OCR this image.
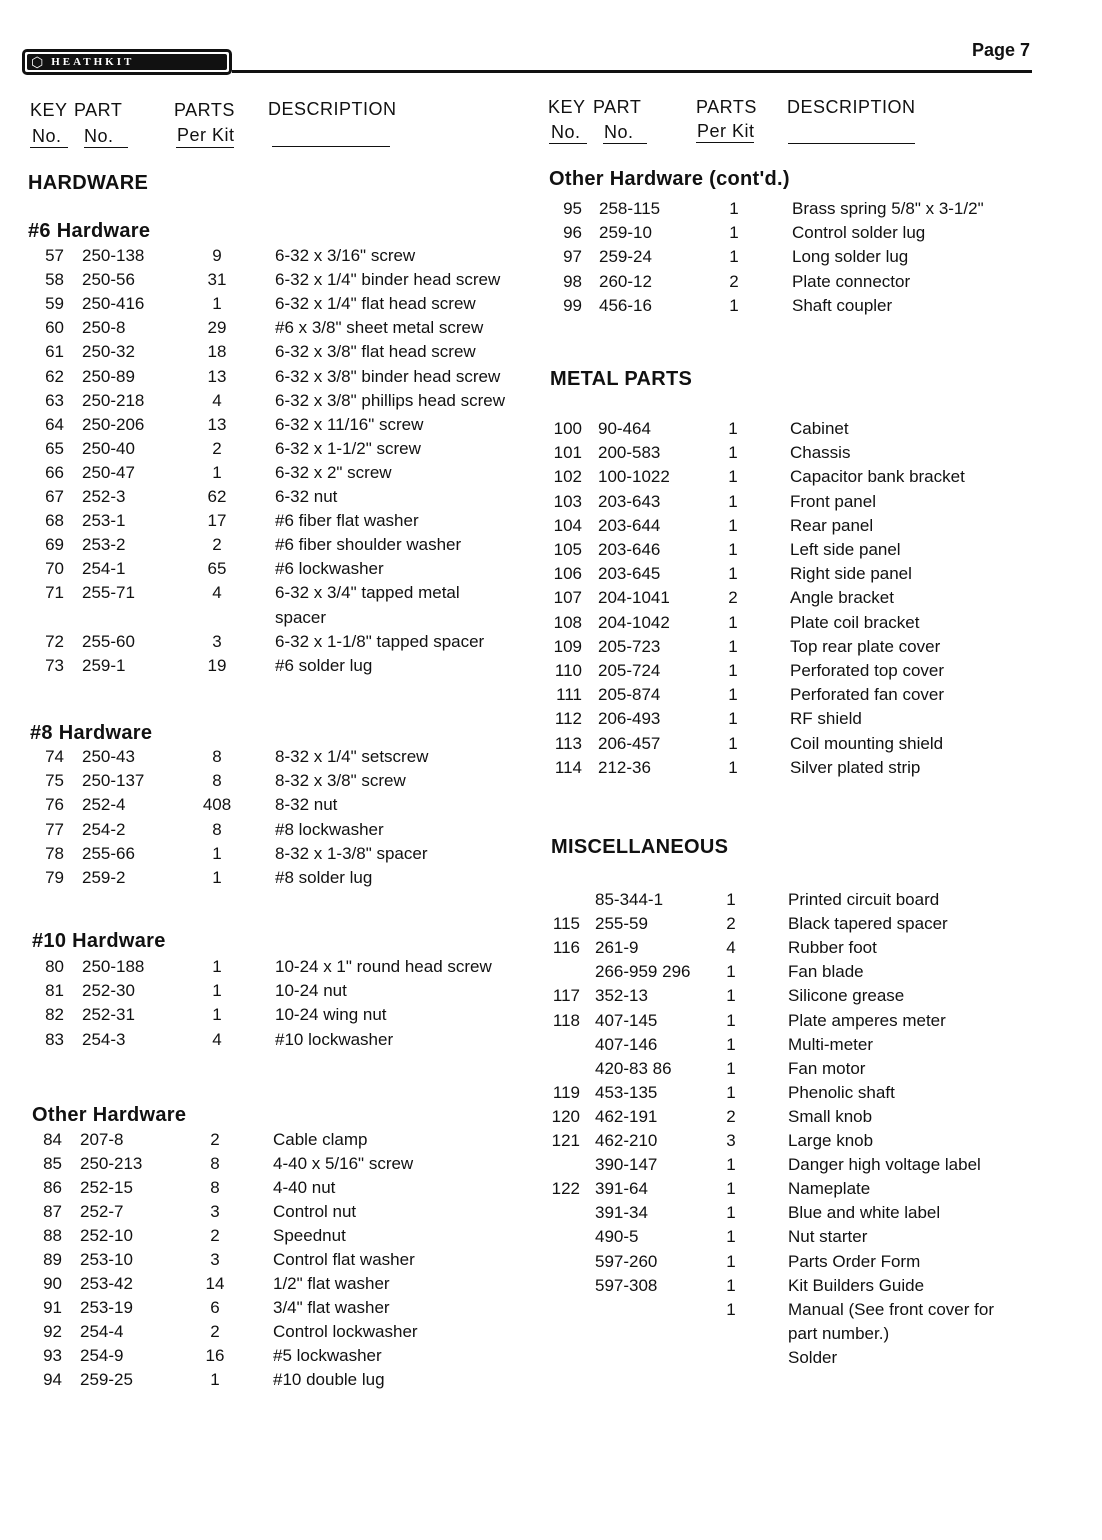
⬡ HEATHKIT
Page 7
KEY PART	PARTS DESCRIPTION
No. No.	Per Kit
KEY PART	PARTS DESCRIPTION
No. No.	Per Kit
HARDWARE
#6 Hardware
#8 Hardware
#10 Hardware
Other Hardware
Other Hardware (cont'd.)
METAL PARTS
MISCELLANEOUS
57 250-138	9	6-32 x 3/16" screw
58 250-56	31	6-32 x 1/4" binder head screw
59 250-416	1	6-32 x 1/4" flat head screw
60 250-8	29	#6 x 3/8" sheet metal screw
61 250-32	18	6-32 x 3/8" flat head screw
62 250-89	13	6-32 x 3/8" binder head screw
63 250-218	4	6-32 x 3/8" phillips head screw
64 250-206	13	6-32 x 11/16" screw
65 250-40	2	6-32 x 1-1/2" screw
66 250-47	1	6-32 x 2" screw
67 252-3	62	6-32 nut
68 253-1	17	#6 fiber flat washer
69 253-2	2	#6 fiber shoulder washer
70 254-1	65	#6 lockwasher
71 255-71	4	6-32 x 3/4" tapped metal
spacer
72 255-60	3	6-32 x 1-1/8" tapped spacer
73 259-1	19	#6 solder lug
74 250-43	8	8-32 x 1/4" setscrew
75 250-137	8	8-32 x 3/8" screw
76 252-4	408	8-32 nut
77 254-2	8	#8 lockwasher
78 255-66	1	8-32 x 1-3/8" spacer
79 259-2	1	#8 solder lug
80 250-188	1	10-24 x 1" round head screw
81 252-30	1	10-24 nut
82 252-31	1	10-24 wing nut
83 254-3	4	#10 lockwasher
84 207-8	2	Cable clamp
85 250-213	8	4-40 x 5/16" screw
86 252-15	8	4-40 nut
87 252-7	3	Control nut
88 252-10	2	Speednut
89 253-10	3	Control flat washer
90 253-42	14	1/2" flat washer
91 253-19	6	3/4" flat washer
92 254-4	2	Control lockwasher
93 254-9	16	#5 lockwasher
94 259-25	1	#10 double lug
95 258-115	1	Brass spring 5/8" x 3-1/2"
96 259-10	1	Control solder lug
97 259-24	1	Long solder lug
98 260-12	2	Plate connector
99 456-16	1	Shaft coupler
100 90-464	1	Cabinet
101 200-583	1	Chassis
102 100-1022	1	Capacitor bank bracket
103 203-643	1	Front panel
104 203-644	1	Rear panel
105 203-646	1	Left side panel
106 203-645	1	Right side panel
107 204-1041	2	Angle bracket
108 204-1042	1	Plate coil bracket
109 205-723	1	Top rear plate cover
110 205-724	1	Perforated top cover
111 205-874	1	Perforated fan cover
112 206-493	1	RF shield
113 206-457	1	Coil mounting shield
114 212-36	1	Silver plated strip
85-344-1	1	Printed circuit board
115 255-59	2	Black tapered spacer
116 261-9	4	Rubber foot
266-959 296	1	Fan blade
117 352-13	1	Silicone grease
118 407-145	1	Plate amperes meter
407-146	1	Multi-meter
420-83 86	1	Fan motor
119 453-135	1	Phenolic shaft
120 462-191	2	Small knob
121 462-210	3	Large knob
390-147	1	Danger high voltage label
122 391-64	1	Nameplate
391-34	1	Blue and white label
490-5	1	Nut starter
597-260	1	Parts Order Form
597-308	1	Kit Builders Guide
1	Manual (See front cover for
part number.)
Solder
